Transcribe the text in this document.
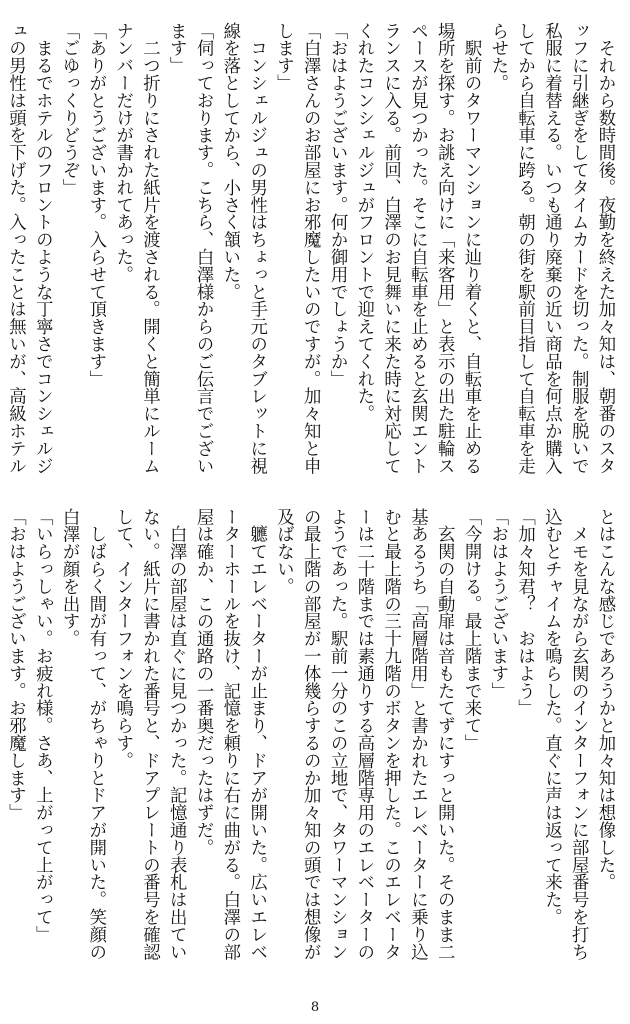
　それから数時間後。夜勤を終えた加々知は、朝番のスタ

ッフに引継ぎをしてタイムカードを切った。制服を脱いで

私服に着替える。いつも通り廃棄の近い商品を何点か購入

してから自転車に跨る。朝の街を駅前目指して自転車を走

らせた。

　駅前のタワーマンションに辿り着くと、自転車を止める

場所を探す。お誂え向けに「来客用」と表示の出た駐輪ス

ペースが見つかった。そこに自転車を止めると玄関エント

ランスに入る。前回、白澤のお見舞いに来た時に対応して

くれたコンシェルジュがフロントで迎えてくれた。

「おはようございます。何か御用でしょうか」

「白澤さんのお部屋にお邪魔したいのですが。加々知と申

します」

　コンシェルジュの男性はちょっと手元のタブレットに視

線を落としてから、小さく頷いた。

「伺っております。こちら、白澤様からのご伝言でござい

ます」

　二つ折りにされた紙片を渡される。開くと簡単にルーム

ナンバーだけが書かれてあった。

「ありがとうございます。入らせて頂きます」

「ごゆっくりどうぞ」

　まるでホテルのフロントのような丁寧さでコンシェルジ

ュの男性は頭を下げた。入ったことは無いが、高級ホテル

とはこんな感じであろうかと加々知は想像した。

　メモを見ながら玄関のインターフォンに部屋番号を打ち

込むとチャイムを鳴らした。直ぐに声は返って来た。

「加々知君？　おはよう」

「おはようございます」

「今開ける。最上階まで来て」

　玄関の自動扉は音もたてずにすっと開いた。そのまま二

基あるうち「高層階用」と書かれたエレベーターに乗り込

むと最上階の三十九階のボタンを押した。このエレベータ

ーは二十階までは素通りする高層階専用のエレベーターの

ようであった。駅前一分のこの立地で、タワーマンション

の最上階の部屋が一体幾らするのか加々知の頭では想像が

及ばない。

　軈てエレベーターが止まり、ドアが開いた。広いエレベ

ーターホールを抜け、記憶を頼りに右に曲がる。白澤の部

屋は確か、この通路の一番奥だったはずだ。

　白澤の部屋は直ぐに見つかった。記憶通り表札は出てい

ない。紙片に書かれた番号と、ドアプレートの番号を確認

して、インターフォンを鳴らす。

　しばらく間が有って、がちゃりとドアが開いた。笑顔の

白澤が顔を出す。

「いらっしゃい。お疲れ様。さあ、上がって上がって」

「おはようございます。お邪魔します」

8
